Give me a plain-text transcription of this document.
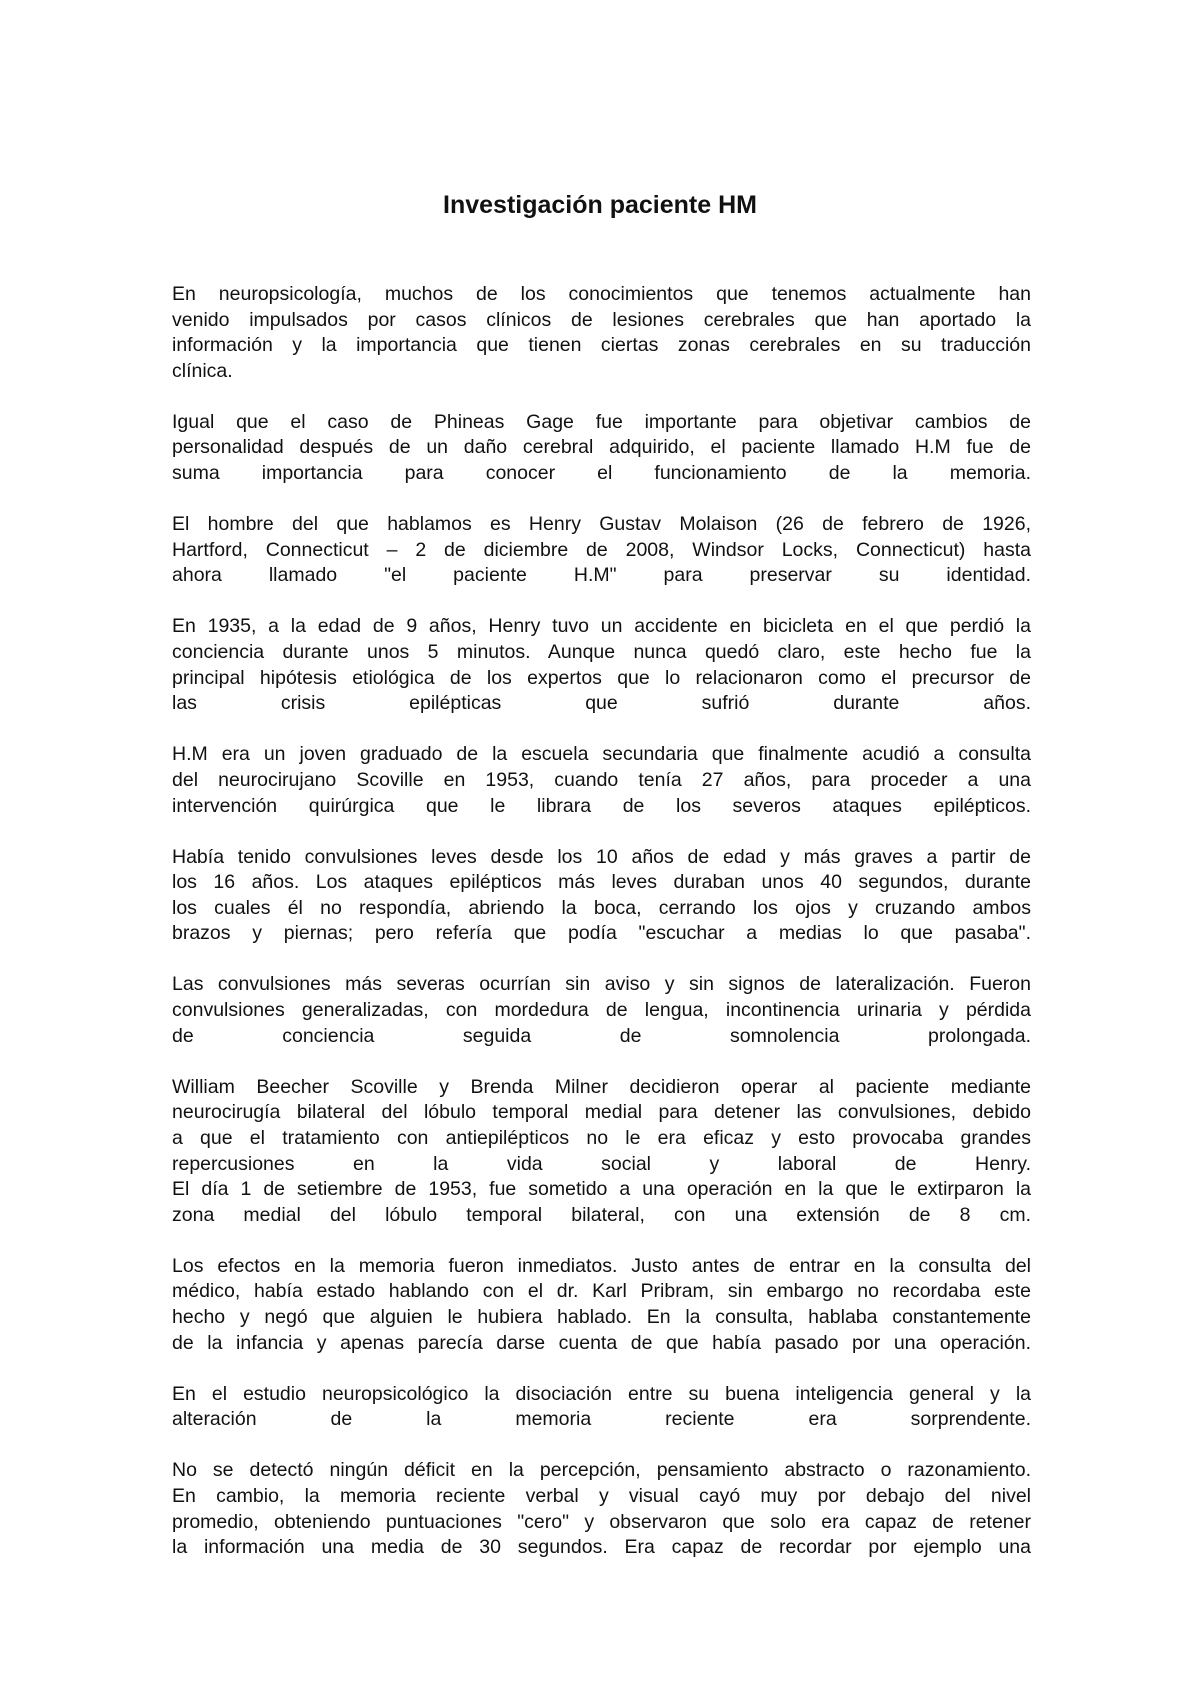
Investigación paciente HM

En neuropsicología, muchos de los conocimientos que tenemos actualmente han
venido impulsados por casos clínicos de lesiones cerebrales que han aportado la
información y la importancia que tienen ciertas zonas cerebrales en su traducción
clínica.

Igual que el caso de Phineas Gage fue importante para objetivar cambios de
personalidad después de un daño cerebral adquirido, el paciente llamado H.M fue de
suma importancia para conocer el funcionamiento de la memoria.

El hombre del que hablamos es Henry Gustav Molaison (26 de febrero de 1926,
Hartford, Connecticut – 2 de diciembre de 2008, Windsor Locks, Connecticut) hasta
ahora llamado "el paciente H.M" para preservar su identidad.

En 1935, a la edad de 9 años, Henry tuvo un accidente en bicicleta en el que perdió la
conciencia durante unos 5 minutos. Aunque nunca quedó claro, este hecho fue la
principal hipótesis etiológica de los expertos que lo relacionaron como el precursor de
las crisis epilépticas que sufrió durante años.

H.M era un joven graduado de la escuela secundaria que finalmente acudió a consulta
del neurocirujano Scoville en 1953, cuando tenía 27 años, para proceder a una
intervención quirúrgica que le librara de los severos ataques epilépticos.

Había tenido convulsiones leves desde los 10 años de edad y más graves a partir de
los 16 años. Los ataques epilépticos más leves duraban unos 40 segundos, durante
los cuales él no respondía, abriendo la boca, cerrando los ojos y cruzando ambos
brazos y piernas; pero refería que podía "escuchar a medias lo que pasaba".

Las convulsiones más severas ocurrían sin aviso y sin signos de lateralización. Fueron
convulsiones generalizadas, con mordedura de lengua, incontinencia urinaria y pérdida
de conciencia seguida de somnolencia prolongada.

William Beecher Scoville y Brenda Milner decidieron operar al paciente mediante
neurocirugía bilateral del lóbulo temporal medial para detener las convulsiones, debido
a que el tratamiento con antiepilépticos no le era eficaz y esto provocaba grandes
repercusiones en la vida social y laboral de Henry.
El día 1 de setiembre de 1953, fue sometido a una operación en la que le extirparon la
zona medial del lóbulo temporal bilateral, con una extensión de 8 cm.

Los efectos en la memoria fueron inmediatos. Justo antes de entrar en la consulta del
médico, había estado hablando con el dr. Karl Pribram, sin embargo no recordaba este
hecho y negó que alguien le hubiera hablado. En la consulta, hablaba constantemente
de la infancia y apenas parecía darse cuenta de que había pasado por una operación.

En el estudio neuropsicológico la disociación entre su buena inteligencia general y la
alteración de la memoria reciente era sorprendente.

No se detectó ningún déficit en la percepción, pensamiento abstracto o razonamiento.
En cambio, la memoria reciente verbal y visual cayó muy por debajo del nivel
promedio, obteniendo puntuaciones "cero" y observaron que solo era capaz de retener
la información una media de 30 segundos. Era capaz de recordar por ejemplo una
